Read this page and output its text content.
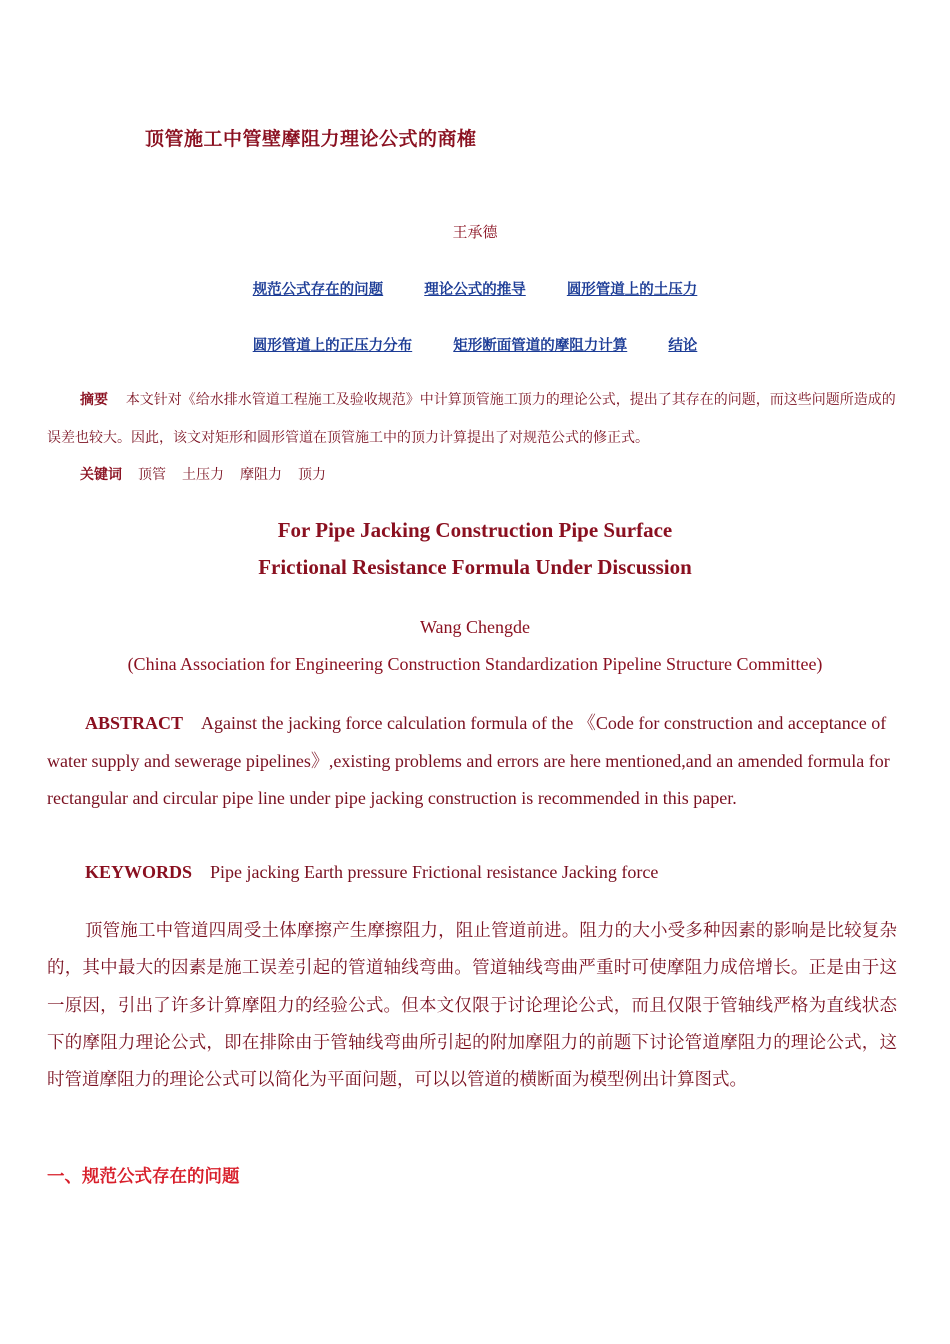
顶管施工中管壁摩阻力理论公式的商榷
王承德
规范公式存在的问题	理论公式的推导	圆形管道上的土压力
圆形管道上的正压力分布	矩形断面管道的摩阻力计算	结论
摘要 本文针对《给水排水管道工程施工及验收规范》中计算顶管施工顶力的理论公式，提出了其存在的问题，而这些问题所造成的误差也较大。因此，该文对矩形和圆形管道在顶管施工中的顶力计算提出了对规范公式的修正式。
关键词 顶管 土压力 摩阻力 顶力
For Pipe Jacking Construction Pipe Surface
Frictional Resistance Formula Under Discussion
Wang Chengde
(China Association for Engineering Construction Standardization Pipeline Structure Committee)
ABSTRACT Against the jacking force calculation formula of the 《Code for construction and acceptance of water supply and sewerage pipelines》,existing problems and errors are here mentioned,and an amended formula for rectangular and circular pipe line under pipe jacking construction is recommended in this paper.
KEYWORDS Pipe jacking Earth pressure Frictional resistance Jacking force
顶管施工中管道四周受土体摩擦产生摩擦阻力，阻止管道前进。阻力的大小受多种因素的影响是比较复杂的，其中最大的因素是施工误差引起的管道轴线弯曲。管道轴线弯曲严重时可使摩阻力成倍增长。正是由于这一原因，引出了许多计算摩阻力的经验公式。但本文仅限于讨论理论公式，而且仅限于管轴线严格为直线状态下的摩阻力理论公式，即在排除由于管轴线弯曲所引起的附加摩阻力的前题下讨论管道摩阻力的理论公式，这时管道摩阻力的理论公式可以简化为平面问题，可以以管道的横断面为模型例出计算图式。
一、规范公式存在的问题
